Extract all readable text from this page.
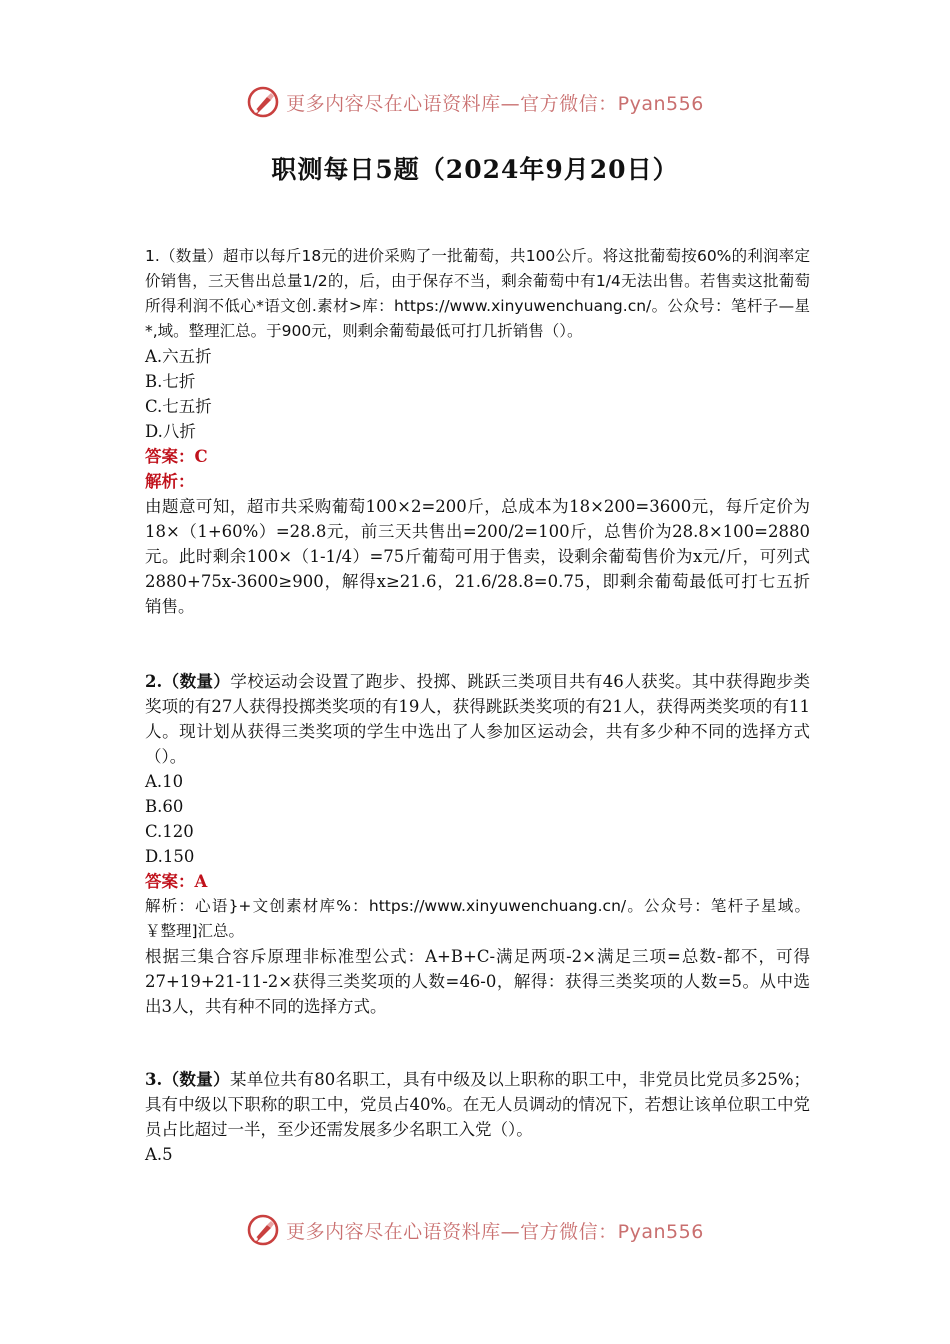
更多内容尽在心语资料库—官方微信：Pyan556
职测每日5题（2024年9月20日）

1.（数量）超市以每斤18元的进价采购了一批葡萄，共100公斤。将这批葡萄按60%的利润率定价销售，三天售出总量1/2的，后，由于保存不当，剩余葡萄中有1/4无法出售。若售卖这批葡萄所得利润不低心*语文创.素材>库：https://www.xinyuwenchuang.cn/。公众号：笔杆子—星*,域。整理汇总。于900元，则剩余葡萄最低可打几折销售（）。

A.六五折

B.七折

C.七五折

D.八折

答案：C

解析：

由题意可知，超市共采购葡萄100×2=200斤，总成本为18×200=3600元，每斤定价为18×（1+60%）=28.8元，前三天共售出=200/2=100斤，总售价为28.8×100=2880元。此时剩余100×（1-1/4）=75斤葡萄可用于售卖，设剩余葡萄售价为x元/斤，可列式2880+75x-3600≥900，解得x≥21.6，21.6/28.8=0.75，即剩余葡萄最低可打七五折销售。

2.（数量）学校运动会设置了跑步、投掷、跳跃三类项目共有46人获奖。其中获得跑步类奖项的有27人获得投掷类奖项的有19人，获得跳跃类奖项的有21人，获得两类奖项的有11人。现计划从获得三类奖项的学生中选出了人参加区运动会，共有多少种不同的选择方式（）。

A.10

B.60

C.120

D.150

答案：A

解析：心语}+文创素材库%：https://www.xinyuwenchuang.cn/。公众号：笔杆子星域。￥整理]汇总。

根据三集合容斥原理非标准型公式：A+B+C-满足两项-2×满足三项=总数-都不，可得27+19+21-11-2×获得三类奖项的人数=46-0，解得：获得三类奖项的人数=5。从中选出3人，共有种不同的选择方式。

3.（数量）某单位共有80名职工，具有中级及以上职称的职工中，非党员比党员多25%；具有中级以下职称的职工中，党员占40%。在无人员调动的情况下，若想让该单位职工中党员占比超过一半，至少还需发展多少名职工入党（）。

A.5

更多内容尽在心语资料库—官方微信：Pyan556
